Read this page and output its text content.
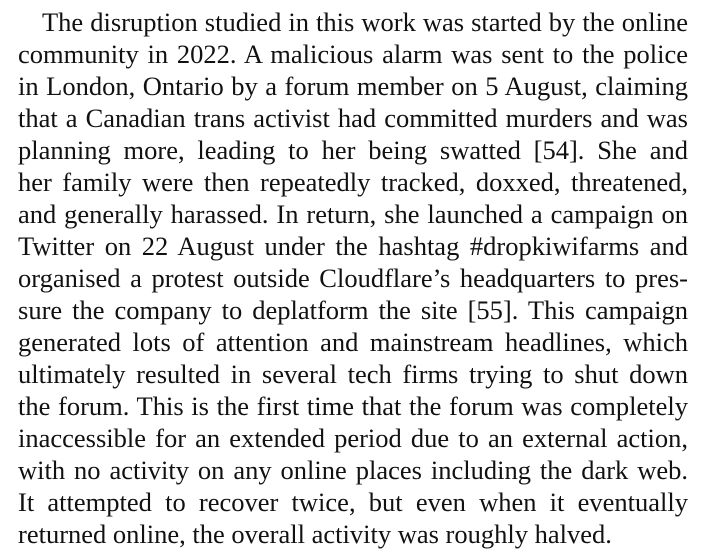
The disruption studied in this work was started by the online
community in 2022. A malicious alarm was sent to the police
in London, Ontario by a forum member on 5 August, claiming
that a Canadian trans activist had committed murders and was
planning more, leading to her being swatted [54]. She and
her family were then repeatedly tracked, doxxed, threatened,
and generally harassed. In return, she launched a campaign on
Twitter on 22 August under the hashtag #dropkiwifarms and
organised a protest outside Cloudflare’s headquarters to pres-
sure the company to deplatform the site [55]. This campaign
generated lots of attention and mainstream headlines, which
ultimately resulted in several tech firms trying to shut down
the forum. This is the first time that the forum was completely
inaccessible for an extended period due to an external action,
with no activity on any online places including the dark web.
It attempted to recover twice, but even when it eventually
returned online, the overall activity was roughly halved.
